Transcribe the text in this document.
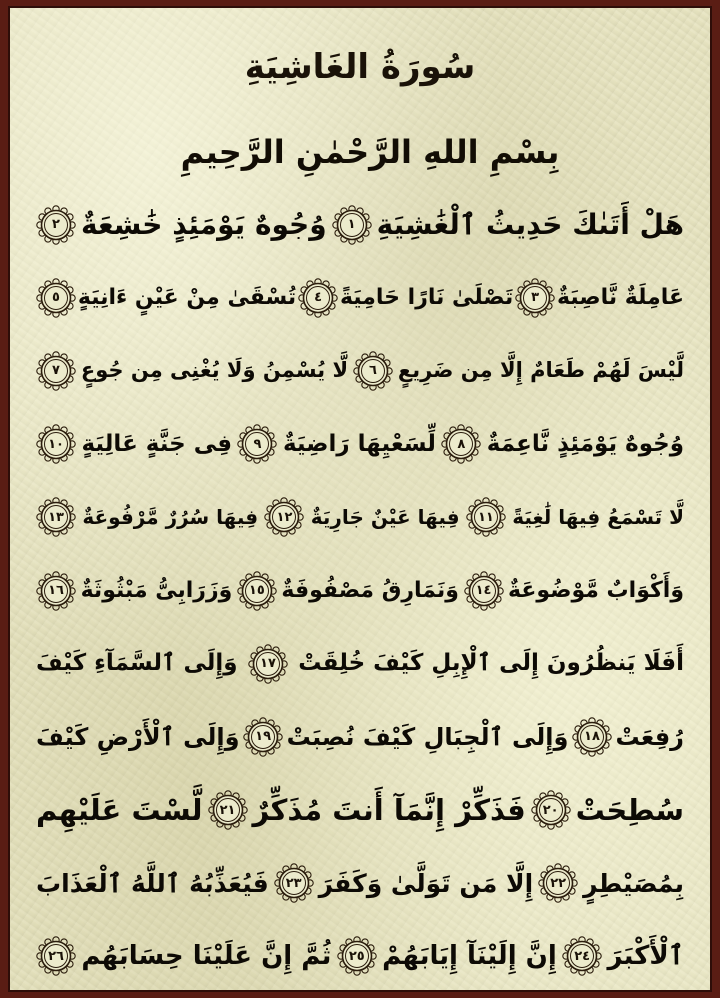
سُورَةُ الغَاشِيَةِ
بِسْمِ اللهِ الرَّحْمٰنِ الرَّحِيمِ
هَلْ أَتَىٰكَ حَدِيثُ ٱلْغَٰشِيَةِ
١
وُجُوهٌ يَوْمَئِذٍ خَٰشِعَةٌ
٢
عَامِلَةٌ نَّاصِبَةٌ
٣
تَصْلَىٰ نَارًا حَامِيَةً
٤
تُسْقَىٰ مِنْ عَيْنٍ ءَانِيَةٍ
٥
لَّيْسَ لَهُمْ طَعَامٌ إِلَّا مِن ضَرِيعٍ
٦
لَّا يُسْمِنُ وَلَا يُغْنِى مِن جُوعٍ
٧
وُجُوهٌ يَوْمَئِذٍ نَّاعِمَةٌ
٨
لِّسَعْيِهَا رَاضِيَةٌ
٩
فِى جَنَّةٍ عَالِيَةٍ
١٠
لَّا تَسْمَعُ فِيهَا لَٰغِيَةً
١١
فِيهَا عَيْنٌ جَارِيَةٌ
١٢
فِيهَا سُرُرٌ مَّرْفُوعَةٌ
١٣
وَأَكْوَابٌ مَّوْضُوعَةٌ
١٤
وَنَمَارِقُ مَصْفُوفَةٌ
١٥
وَزَرَابِىُّ مَبْثُوثَةٌ
١٦
أَفَلَا يَنظُرُونَ إِلَى ٱلْإِبِلِ كَيْفَ خُلِقَتْ
١٧
وَإِلَى ٱلسَّمَآءِ كَيْفَ
رُفِعَتْ
١٨
وَإِلَى ٱلْجِبَالِ كَيْفَ نُصِبَتْ
١٩
وَإِلَى ٱلْأَرْضِ كَيْفَ
سُطِحَتْ
٢٠
فَذَكِّرْ إِنَّمَآ أَنتَ مُذَكِّرٌ
٢١
لَّسْتَ عَلَيْهِم
بِمُصَيْطِرٍ
٢٢
إِلَّا مَن تَوَلَّىٰ وَكَفَرَ
٢٣
فَيُعَذِّبُهُ ٱللَّهُ ٱلْعَذَابَ
ٱلْأَكْبَرَ
٢٤
إِنَّ إِلَيْنَآ إِيَابَهُمْ
٢٥
ثُمَّ إِنَّ عَلَيْنَا حِسَابَهُم
٢٦
